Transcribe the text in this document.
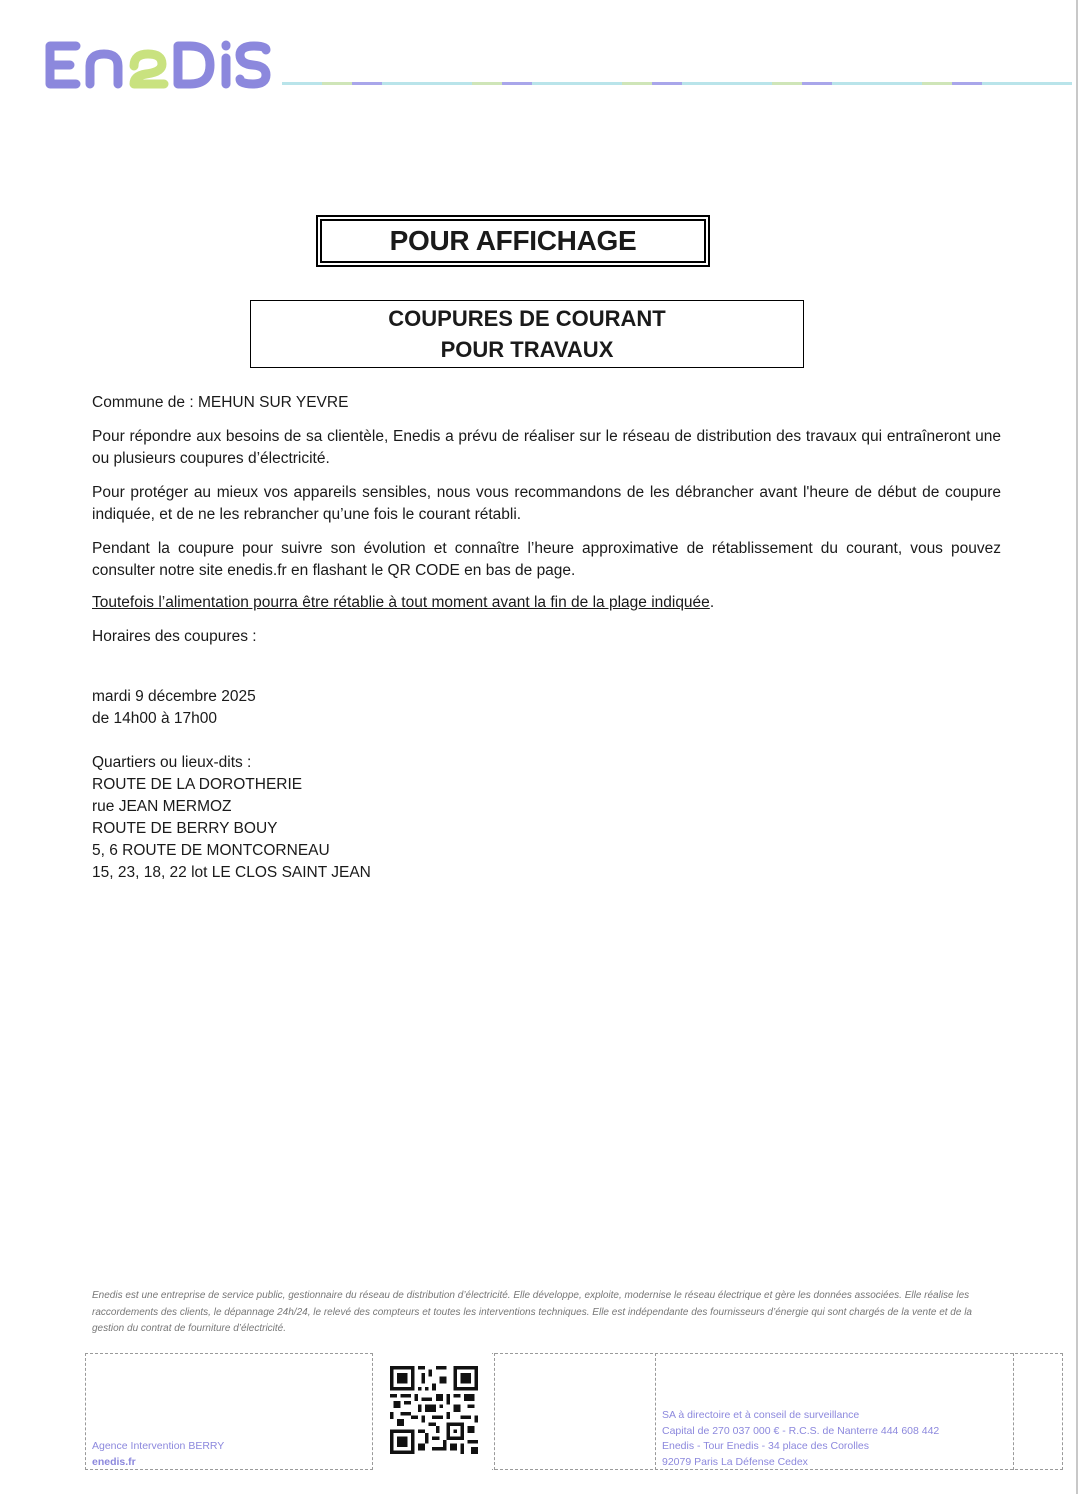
POUR AFFICHAGE
COUPURES DE COURANT
POUR TRAVAUX

Commune de : MEHUN SUR YEVRE

Pour répondre aux besoins de sa clientèle, Enedis a prévu de réaliser sur le réseau de distribution des travaux qui entraîneront une ou plusieurs coupures d’électricité.

Pour protéger au mieux vos appareils sensibles, nous vous recommandons de les débrancher avant l'heure de début de coupure indiquée, et de ne les rebrancher qu’une fois le courant rétabli.

Pendant la coupure pour suivre son évolution et connaître l’heure approximative de rétablissement du courant, vous pouvez consulter notre site enedis.fr en flashant le QR CODE en bas de page.

Toutefois l’alimentation pourra être rétablie à tout moment avant la fin de la plage indiquée.

Horaires des coupures :

mardi 9 décembre 2025

de 14h00 à 17h00

Quartiers ou lieux-dits :

ROUTE DE LA DOROTHERIE

rue JEAN MERMOZ

ROUTE DE BERRY BOUY

5, 6 ROUTE DE MONTCORNEAU

15, 23, 18, 22 lot LE CLOS SAINT JEAN

Enedis est une entreprise de service public, gestionnaire du réseau de distribution d’électricité. Elle développe, exploite, modernise le réseau électrique et gère les données associées. Elle réalise les raccordements des clients, le dépannage 24h/24, le relevé des compteurs et toutes les interventions techniques. Elle est indépendante des fournisseurs d’énergie qui sont chargés de la vente et de la gestion du contrat de fourniture d’électricité.
Agence Intervention BERRY
enedis.fr
SA à directoire et à conseil de surveillance
Capital de 270 037 000 € - R.C.S. de Nanterre 444 608 442
Enedis - Tour Enedis - 34 place des Corolles
92079 Paris La Défense Cedex
